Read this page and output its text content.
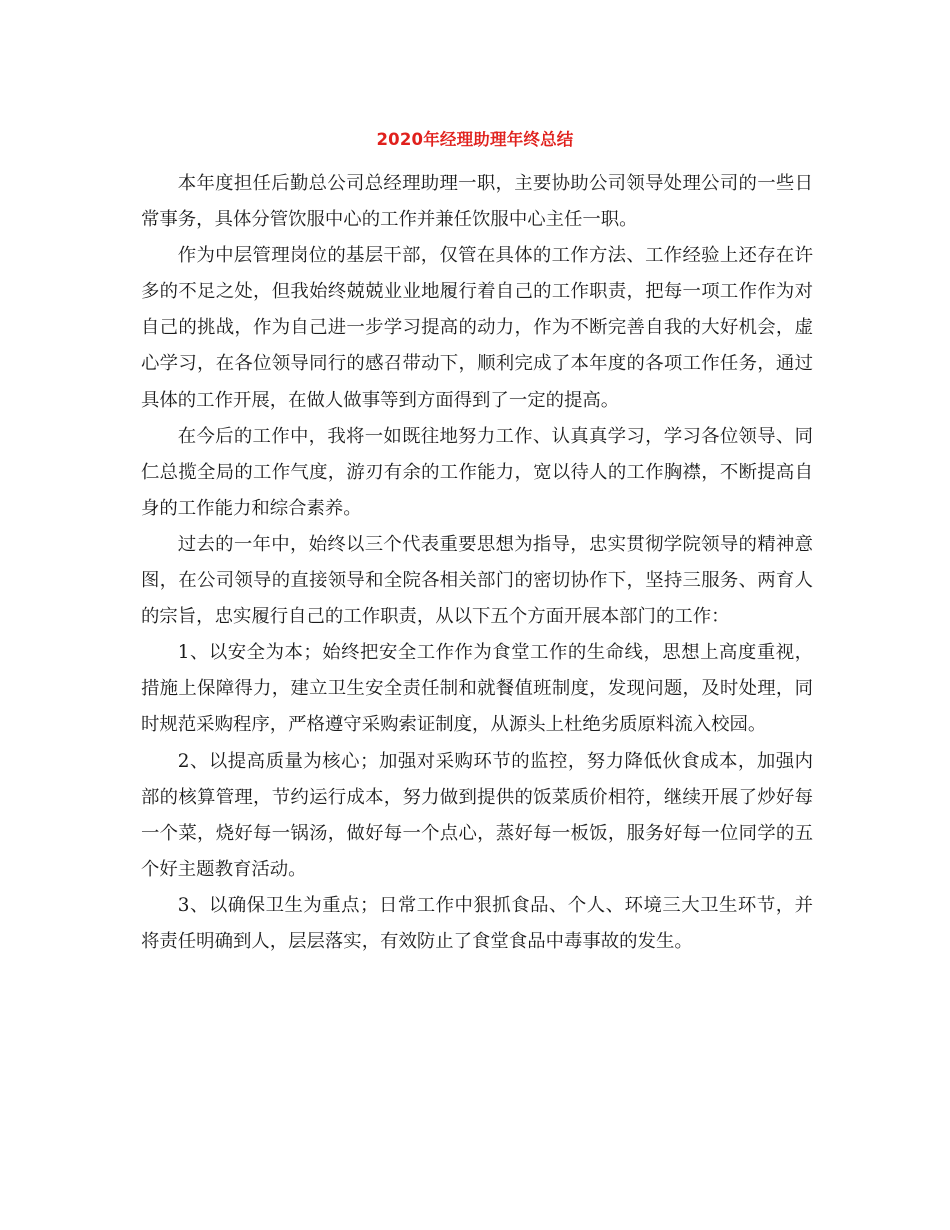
2020年经理助理年终总结

本年度担任后勤总公司总经理助理一职，主要协助公司领导处理公司的一些日常事务，具体分管饮服中心的工作并兼任饮服中心主任一职。

作为中层管理岗位的基层干部，仅管在具体的工作方法、工作经验上还存在许多的不足之处，但我始终兢兢业业地履行着自己的工作职责，把每一项工作作为对自己的挑战，作为自己进一步学习提高的动力，作为不断完善自我的大好机会，虚心学习，在各位领导同行的感召带动下，顺利完成了本年度的各项工作任务，通过具体的工作开展，在做人做事等到方面得到了一定的提高。

在今后的工作中，我将一如既往地努力工作、认真真学习，学习各位领导、同仁总揽全局的工作气度，游刃有余的工作能力，宽以待人的工作胸襟，不断提高自身的工作能力和综合素养。

过去的一年中，始终以三个代表重要思想为指导，忠实贯彻学院领导的精神意图，在公司领导的直接领导和全院各相关部门的密切协作下，坚持三服务、两育人的宗旨，忠实履行自己的工作职责，从以下五个方面开展本部门的工作：

1、以安全为本；始终把安全工作作为食堂工作的生命线，思想上高度重视，措施上保障得力，建立卫生安全责任制和就餐值班制度，发现问题，及时处理，同时规范采购程序，严格遵守采购索证制度，从源头上杜绝劣质原料流入校园。

2、以提高质量为核心；加强对采购环节的监控，努力降低伙食成本，加强内部的核算管理，节约运行成本，努力做到提供的饭菜质价相符，继续开展了炒好每一个菜，烧好每一锅汤，做好每一个点心，蒸好每一板饭，服务好每一位同学的五个好主题教育活动。

3、以确保卫生为重点；日常工作中狠抓食品、个人、环境三大卫生环节，并将责任明确到人，层层落实，有效防止了食堂食品中毒事故的发生。
